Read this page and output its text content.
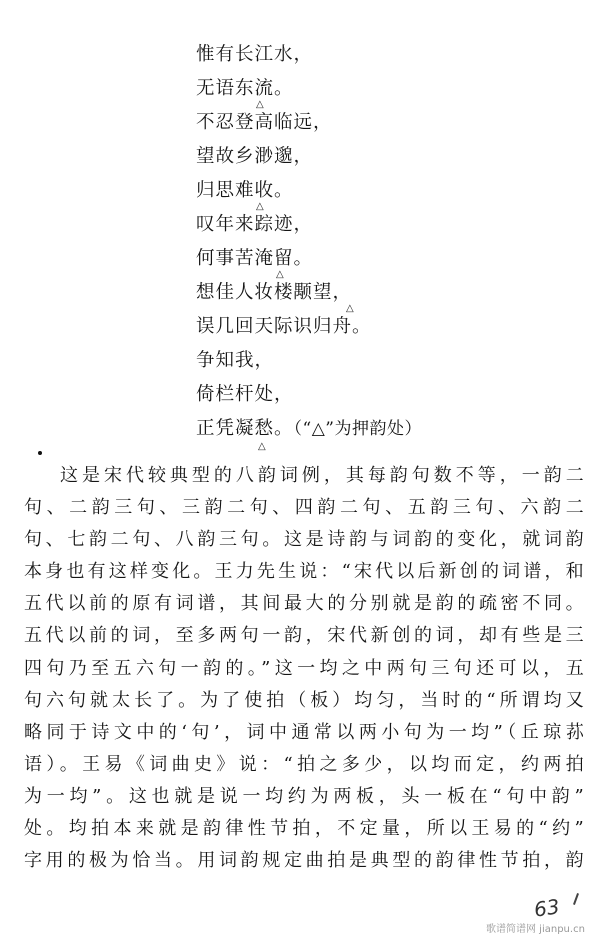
惟有长江水，
无语东流。
△
不忍登高临远，
望故乡渺邈，
归思难收。
△
叹年来踪迹，
何事苦淹留。
△
想佳人妆楼颙望，
△
误几回天际识归舟。
争知我，
倚栏杆处，
正凭凝愁。（“△”为押韵处）
△
这是宋代较典型的八韵词例，其每韵句数不等，一韵二
句、二韵三句、三韵二句、四韵二句、五韵三句、六韵二
句、七韵二句、八韵三句。这是诗韵与词韵的变化，就词韵
本身也有这样变化。王力先生说：“宋代以后新创的词谱，和
五代以前的原有词谱，其间最大的分别就是韵的疏密不同。
五代以前的词，至多两句一韵，宋代新创的词，却有些是三
四句乃至五六句一韵的。”这一均之中两句三句还可以，五
句六句就太长了。为了使拍（板）均匀，当时的“所谓均又
略同于诗文中的‘句’，词中通常以两小句为一均”（丘琼荪
语）。王易《词曲史》说：“拍之多少，以均而定，约两拍
为一均”。这也就是说一均约为两板，头一板在“句中韵”
处。均拍本来就是韵律性节拍，不定量，所以王易的“约”
字用的极为恰当。用词韵规定曲拍是典型的韵律性节拍，韵
63
歌谱简谱网 jianpu.cn
